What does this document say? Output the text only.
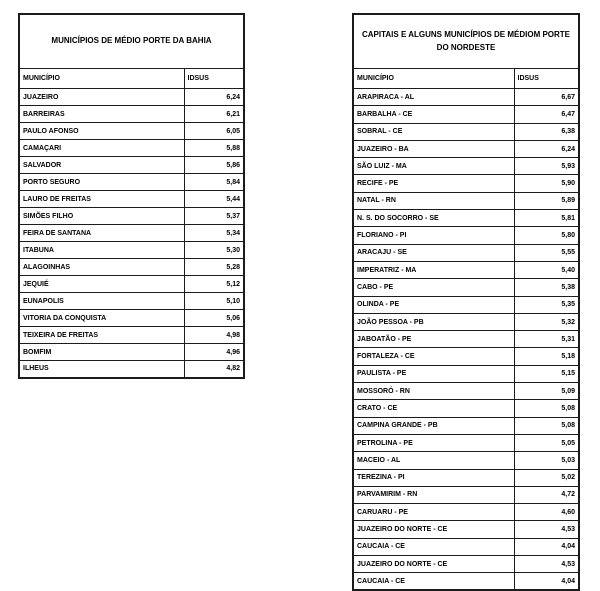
MUNICÍPIOS DE MÉDIO PORTE DA BAHIA	
MUNICÍPIO	IDSUS
JUAZEIRO	6,24
BARREIRAS	6,21
PAULO AFONSO	6,05
CAMAÇARI	5,88
SALVADOR	5,86
PORTO SEGURO	5,84
LAURO DE FREITAS	5,44
SIMÕES FILHO	5,37
FEIRA DE SANTANA	5,34
ITABUNA	5,30
ALAGOINHAS	5,28
JEQUIÉ	5,12
EUNAPOLIS	5,10
VITORIA DA CONQUISTA	5,06
TEIXEIRA DE FREITAS	4,98
BOMFIM	4,96
ILHEUS	4,82
CAPITAIS E ALGUNS MUNICÍPIOS DE MÉDIOM PORTE
DO NORDESTE	

MUNICÍPIO	IDSUS
ARAPIRACA - AL	6,67
BARBALHA - CE	6,47
SOBRAL - CE	6,38
JUAZEIRO - BA	6,24
SÃO LUIZ - MA	5,93
RECIFE - PE	5,90
NATAL - RN	5,89
N. S. DO SOCORRO - SE	5,81
FLORIANO - PI	5,80
ARACAJU - SE	5,55
IMPERATRIZ - MA	5,40
CABO - PE	5,38
OLINDA - PE	5,35
JOÃO PESSOA - PB	5,32
JABOATÃO - PE	5,31
FORTALEZA - CE	5,18
PAULISTA - PE	5,15
MOSSORÓ - RN	5,09
CRATO - CE	5,08
CAMPINA GRANDE - PB	5,08
PETROLINA - PE	5,05
MACEIO - AL	5,03
TEREZINA - PI	5,02
PARVAMIRIM - RN	4,72
CARUARU - PE	4,60
JUAZEIRO DO NORTE - CE	4,53
CAUCAIA - CE	4,04
JUAZEIRO DO NORTE - CE	4,53
CAUCAIA - CE	4,04
